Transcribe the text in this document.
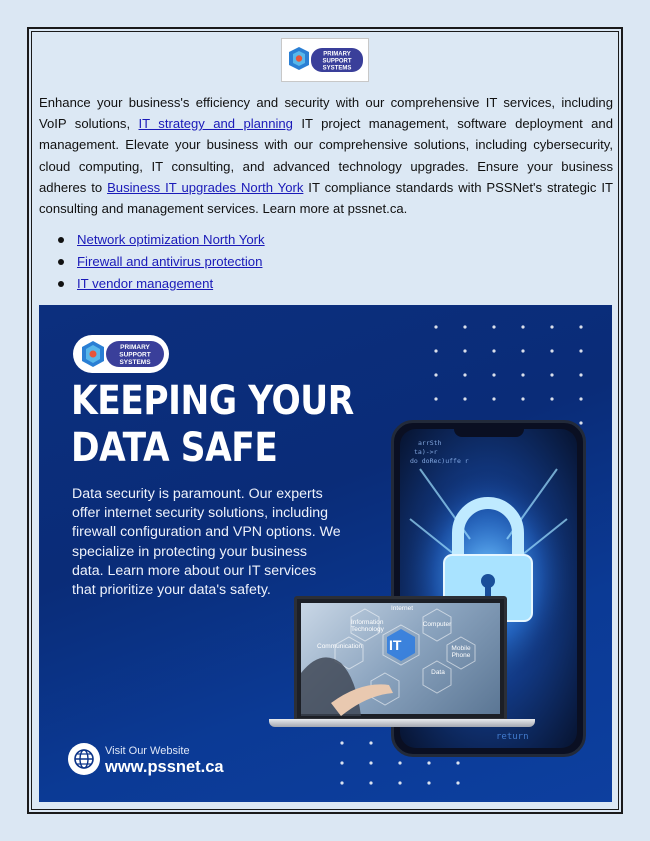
PRIMARY
SUPPORT
SYSTEMS

Enhance your business's efficiency and security with our comprehensive IT services, including VoIP solutions, IT strategy and planning IT project management, software deployment and management. Elevate your business with our comprehensive solutions, including cybersecurity, cloud computing, IT consulting, and advanced technology upgrades. Ensure your business adheres to Business IT upgrades North York IT compliance standards with PSSNet's strategic IT consulting and management services. Learn more at pssnet.ca.

Network optimization North York
Firewall and antivirus protection
IT vendor management
PRIMARY
SUPPORT
SYSTEMS
KEEPING YOUR
DATA SAFE
Data security is paramount. Our experts offer internet security solutions, including firewall configuration and VPN options. We specialize in protecting your business data. Learn more about our IT services that prioritize your data's safety.
arrSth
ta)->r
do doRec)uffe r
return
IT
Information Technology
Internet
Computer
Mobile Phone
Data
Communication
Visit Our Website
www.pssnet.ca
